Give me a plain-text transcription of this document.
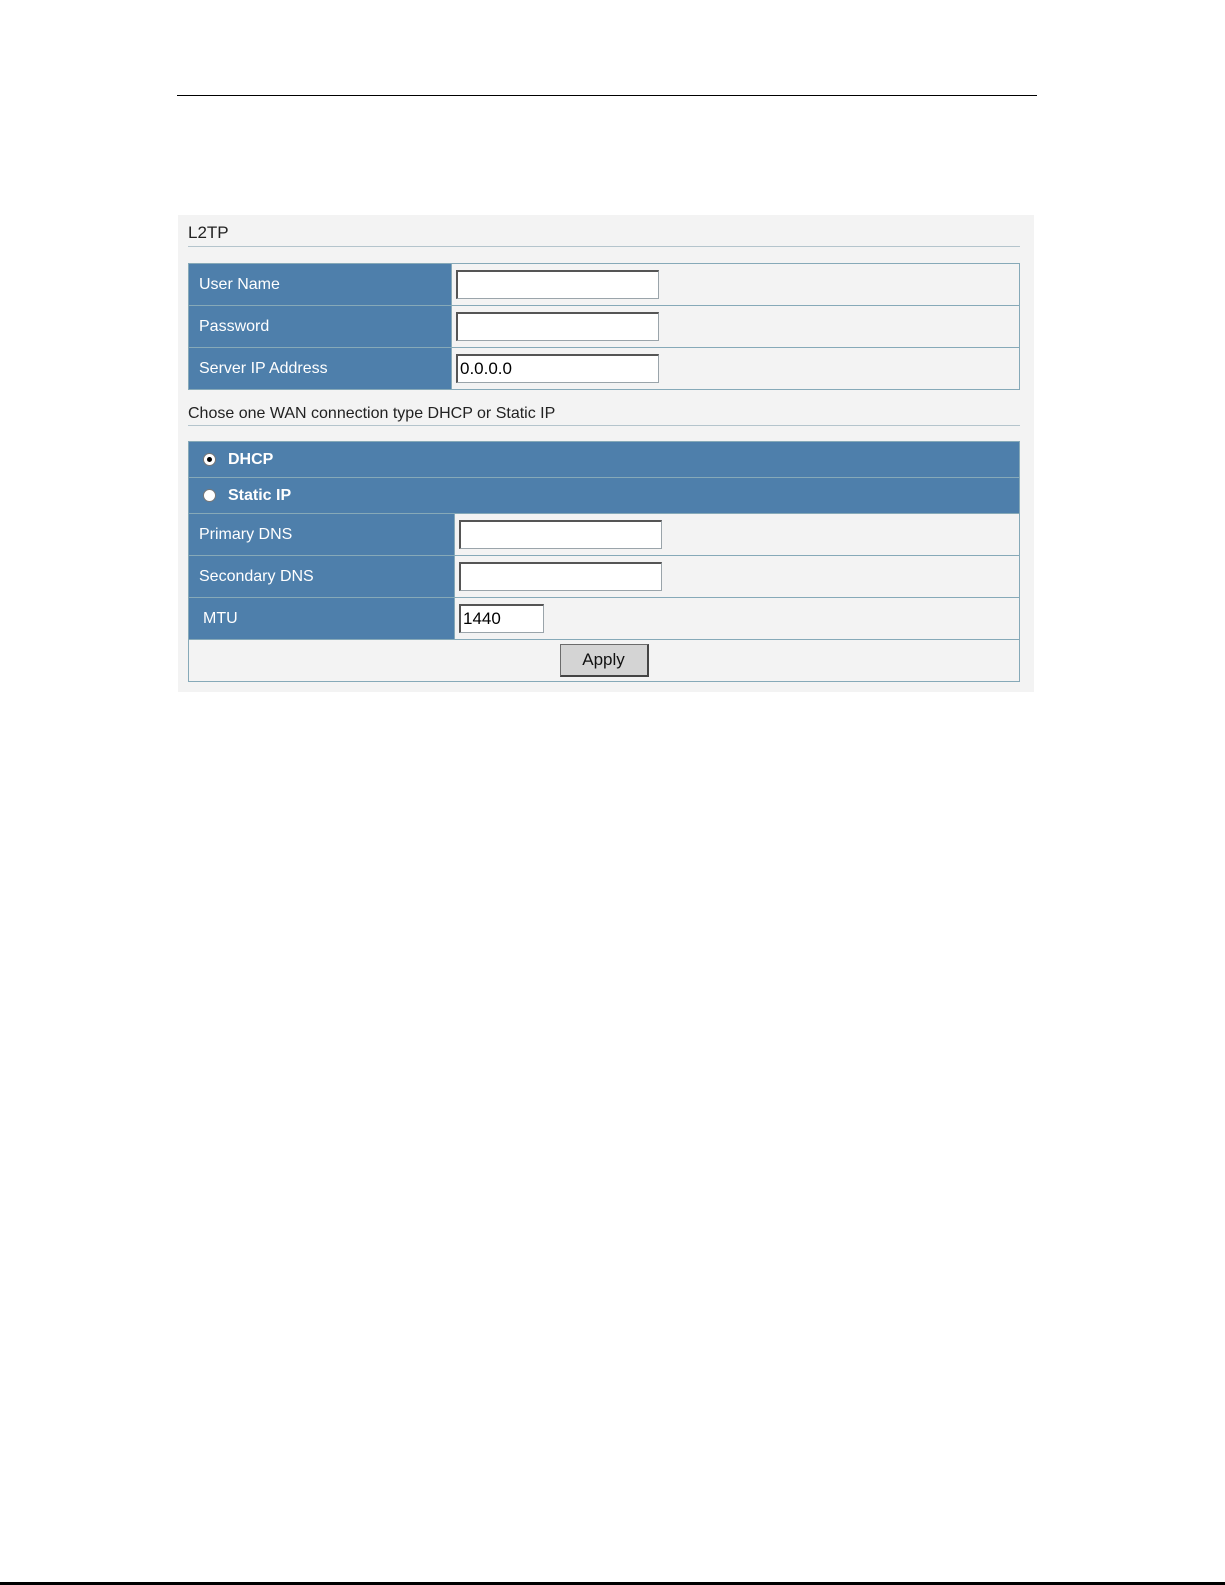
L2TP
User Name	
Password	
Server IP Address	0.0.0.0
Chose one WAN connection type DHCP or Static IP
DHCP	

Static IP	

Primary DNS	
Secondary DNS	
MTU	1440
Apply	
